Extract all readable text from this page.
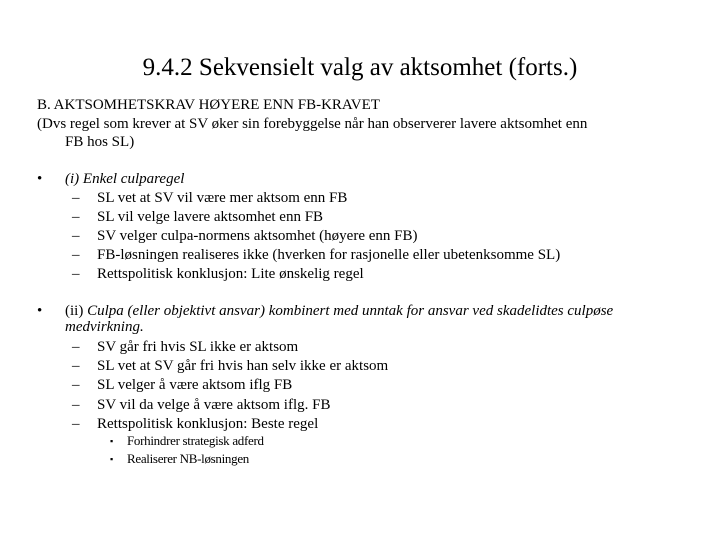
9.4.2 Sekvensielt valg av aktsomhet (forts.)
B. AKTSOMHETSKRAV HØYERE ENN FB-KRAVET
(Dvs regel som krever at SV øker sin forebyggelse når han observerer lavere aktsomhet enn
FB hos SL)
• (i) Enkel culparegel
– SL vet at SV vil være mer aktsom enn FB
– SL vil velge lavere aktsomhet enn FB
– SV velger culpa-normens aktsomhet (høyere enn FB)
– FB-løsningen realiseres ikke (hverken for rasjonelle eller ubetenksomme SL)
– Rettspolitisk konklusjon: Lite ønskelig regel
• (ii) Culpa (eller objektivt ansvar) kombinert med unntak for ansvar ved skadelidtes culpøse
medvirkning.
– SV går fri hvis SL ikke er aktsom
– SL vet at SV går fri hvis han selv ikke er aktsom
– SL velger å være aktsom iflg FB
– SV vil da velge å være aktsom iflg. FB
– Rettspolitisk konklusjon: Beste regel
▪ Forhindrer strategisk adferd
▪ Realiserer NB-løsningen
